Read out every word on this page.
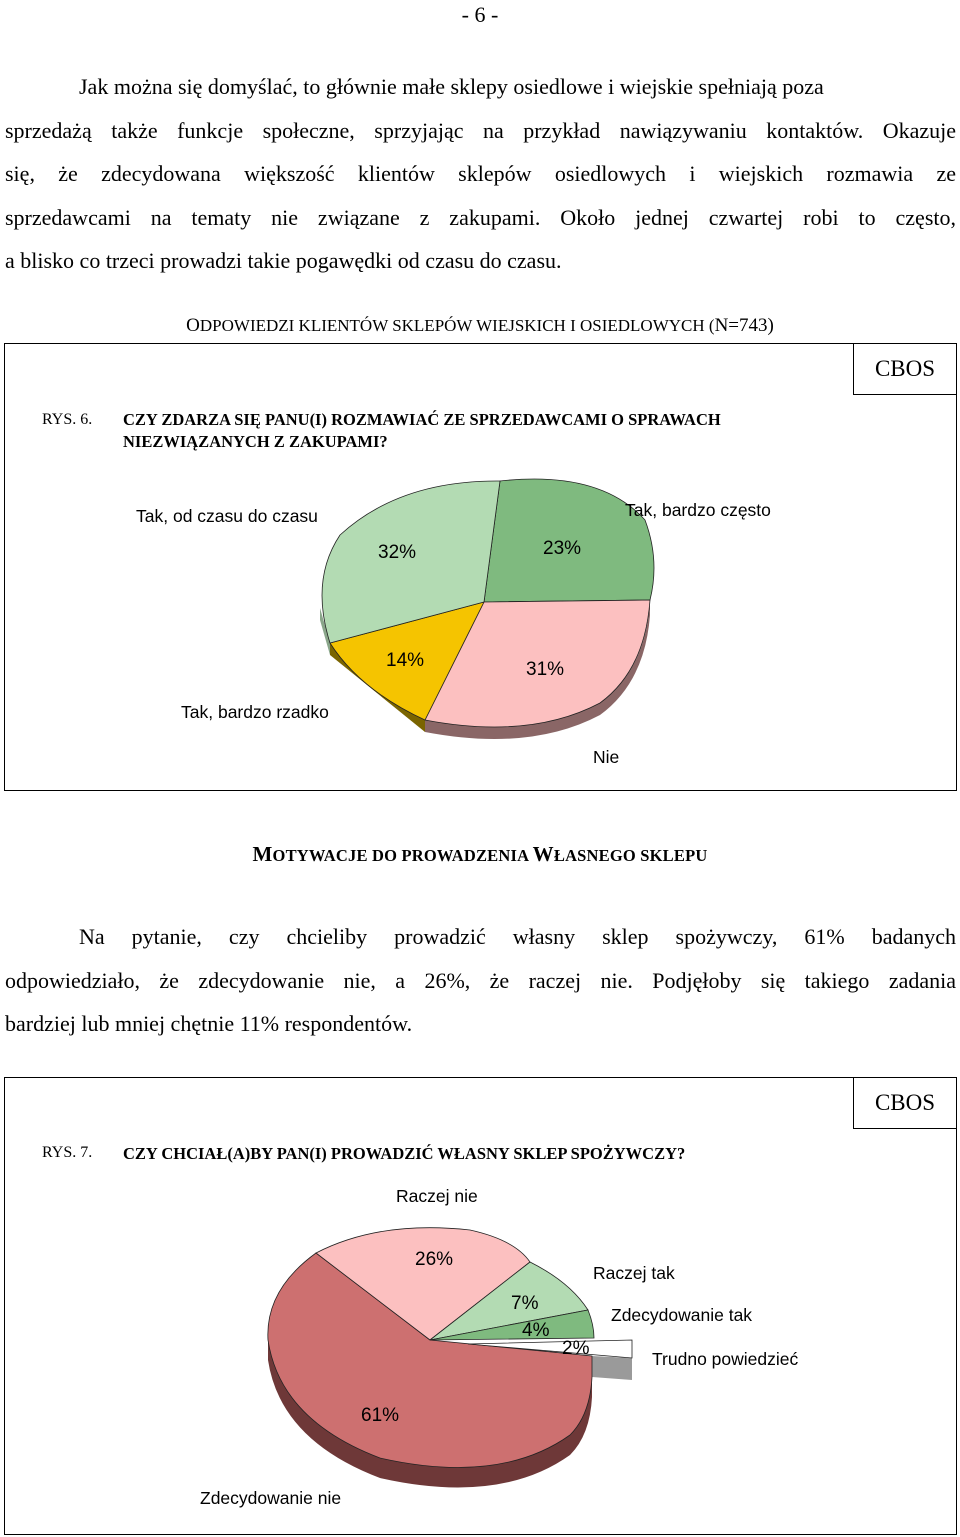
- 6 -
Jak można się domyślać, to głównie małe sklepy osiedlowe i wiejskie spełniają poza
sprzedażą także funkcje społeczne, sprzyjając na przykład nawiązywaniu kontaktów. Okazuje
się, że zdecydowana większość klientów sklepów osiedlowych i wiejskich rozmawia ze
sprzedawcami na tematy nie związane z zakupami. Około jednej czwartej robi to często,
a blisko co trzeci prowadzi takie pogawędki od czasu do czasu.
ODPOWIEDZI KLIENTÓW SKLEPÓW WIEJSKICH I OSIEDLOWYCH (N=743)
CBOS
RYS. 6. CZY ZDARZA SIĘ PANU(I) ROZMAWIAĆ ZE SPRZEDAWCAMI O SPRAWACH
NIEZWIĄZANYCH Z ZAKUPAMI?
Tak, od czasu do czasu	Tak, bardzo często
Tak, bardzo rzadko
Nie
32%	23%
14%	31%
MOTYWACJE DO PROWADZENIA WŁASNEGO SKLEPU
Na pytanie, czy chcieliby prowadzić własny sklep spożywczy, 61% badanych
odpowiedziało, że zdecydowanie nie, a 26%, że raczej nie. Podjęłoby się takiego zadania
bardziej lub mniej chętnie 11% respondentów.
CBOS
RYS. 7. CZY CHCIAŁ(A)BY PAN(I) PROWADZIĆ WŁASNY SKLEP SPOŻYWCZY?
Raczej nie
Raczej tak
Zdecydowanie tak
Trudno powiedzieć
Zdecydowanie nie
26%
7%
4%
2%
61%
